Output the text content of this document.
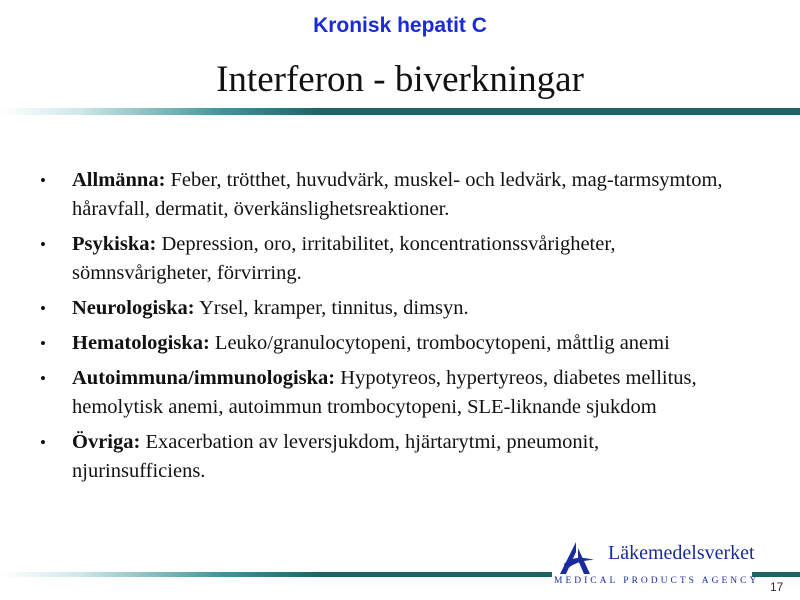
Kronisk hepatit C
Interferon - biverkningar
• Allmänna: Feber, trötthet, huvudvärk, muskel- och ledvärk, mag-tarmsymtom, håravfall, dermatit, överkänslighetsreaktioner.
• Psykiska: Depression, oro, irritabilitet, koncentrationssvårigheter, sömnsvårigheter, förvirring.
• Neurologiska: Yrsel, kramper, tinnitus, dimsyn.
• Hematologiska: Leuko/granulocytopeni, trombocytopeni, måttlig anemi
• Autoimmuna/immunologiska: Hypotyreos, hypertyreos, diabetes mellitus, hemolytisk anemi, autoimmun trombocytopeni, SLE-liknande sjukdom
• Övriga: Exacerbation av leversjukdom, hjärtarytmi, pneumonit, njurinsufficiens.
Läkemedelsverket
MEDICAL PRODUCTS AGENCY 17
